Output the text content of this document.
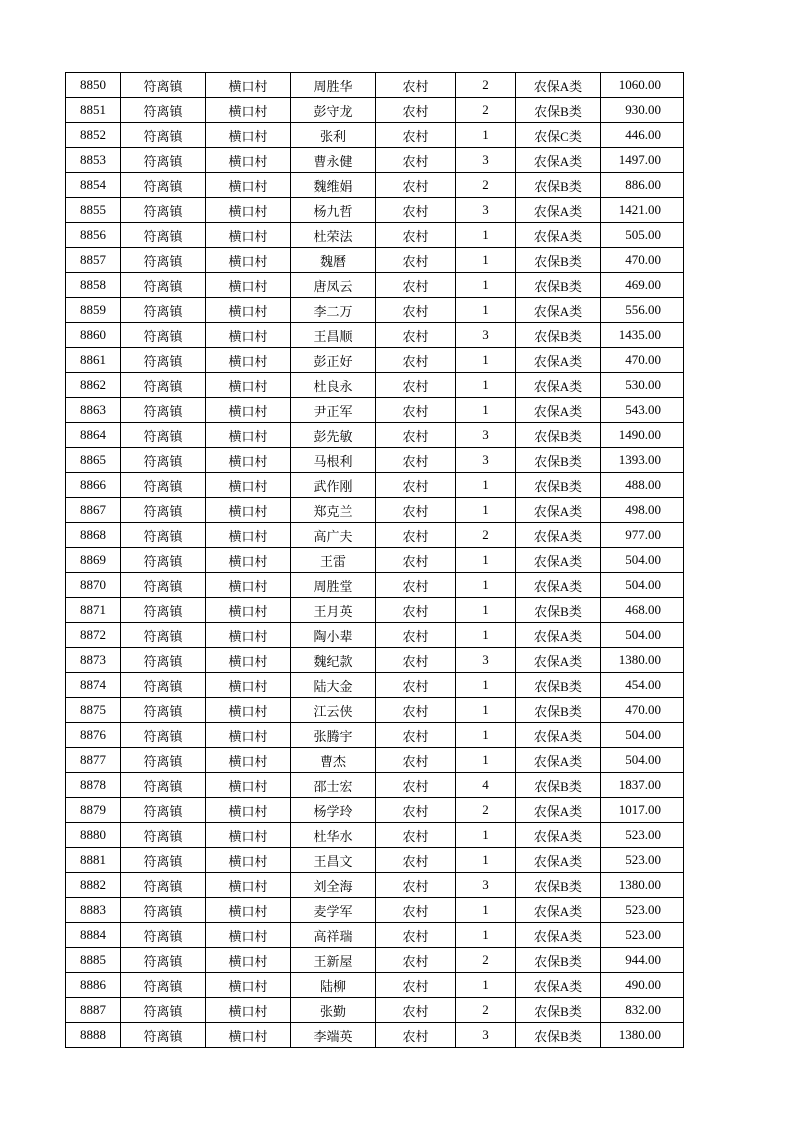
8850	符离镇	横口村	周胜华	农村	2	农保A类	1060.00
8851	符离镇	横口村	彭守龙	农村	2	农保B类	930.00
8852	符离镇	横口村	张利	农村	1	农保C类	446.00
8853	符离镇	横口村	曹永健	农村	3	农保A类	1497.00
8854	符离镇	横口村	魏维娟	农村	2	农保B类	886.00
8855	符离镇	横口村	杨九哲	农村	3	农保A类	1421.00
8856	符离镇	横口村	杜荣法	农村	1	农保A类	505.00
8857	符离镇	横口村	魏曆	农村	1	农保B类	470.00
8858	符离镇	横口村	唐凤云	农村	1	农保B类	469.00
8859	符离镇	横口村	李二万	农村	1	农保A类	556.00
8860	符离镇	横口村	王昌顺	农村	3	农保B类	1435.00
8861	符离镇	横口村	彭正好	农村	1	农保A类	470.00
8862	符离镇	横口村	杜良永	农村	1	农保A类	530.00
8863	符离镇	横口村	尹正军	农村	1	农保A类	543.00
8864	符离镇	横口村	彭先敏	农村	3	农保B类	1490.00
8865	符离镇	横口村	马根利	农村	3	农保B类	1393.00
8866	符离镇	横口村	武作刚	农村	1	农保B类	488.00
8867	符离镇	横口村	郑克兰	农村	1	农保A类	498.00
8868	符离镇	横口村	高广夫	农村	2	农保A类	977.00
8869	符离镇	横口村	王雷	农村	1	农保A类	504.00
8870	符离镇	横口村	周胜堂	农村	1	农保A类	504.00
8871	符离镇	横口村	王月英	农村	1	农保B类	468.00
8872	符离镇	横口村	陶小辈	农村	1	农保A类	504.00
8873	符离镇	横口村	魏纪款	农村	3	农保A类	1380.00
8874	符离镇	横口村	陆大金	农村	1	农保B类	454.00
8875	符离镇	横口村	江云侠	农村	1	农保B类	470.00
8876	符离镇	横口村	张腾宇	农村	1	农保A类	504.00
8877	符离镇	横口村	曹杰	农村	1	农保A类	504.00
8878	符离镇	横口村	邵士宏	农村	4	农保B类	1837.00
8879	符离镇	横口村	杨学玲	农村	2	农保A类	1017.00
8880	符离镇	横口村	杜华水	农村	1	农保A类	523.00
8881	符离镇	横口村	王昌文	农村	1	农保A类	523.00
8882	符离镇	横口村	刘全海	农村	3	农保B类	1380.00
8883	符离镇	横口村	麦学军	农村	1	农保A类	523.00
8884	符离镇	横口村	高祥瑞	农村	1	农保A类	523.00
8885	符离镇	横口村	王新屋	农村	2	农保B类	944.00
8886	符离镇	横口村	陆柳	农村	1	农保A类	490.00
8887	符离镇	横口村	张勤	农村	2	农保B类	832.00
8888	符离镇	横口村	李端英	农村	3	农保B类	1380.00
